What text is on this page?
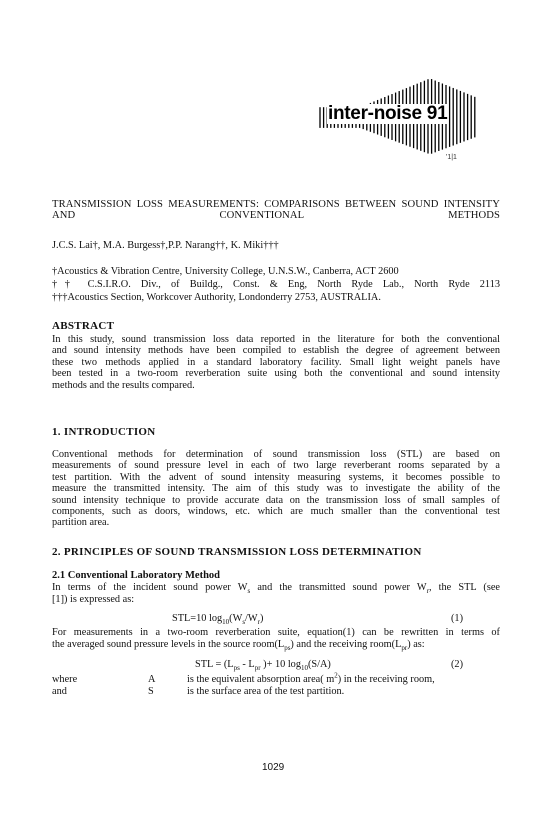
inter-noise 91
'1|1
TRANSMISSION LOSS MEASUREMENTS: COMPARISONS BETWEEN SOUND INTENSITY AND CONVENTIONAL METHODS
J.C.S. Lai†, M.A. Burgess†,P.P. Narang††, K. Miki†††
†Acoustics & Vibration Centre, University College, U.N.S.W., Canberra, ACT 2600
†† C.S.I.R.O. Div., of Buildg., Const. & Eng, North Ryde Lab., North Ryde 2113
†††Acoustics Section, Workcover Authority, Londonderry 2753, AUSTRALIA.
ABSTRACT
In this study, sound transmission loss data reported in the literature for both the conventional
and sound intensity methods have been compiled to establish the degree of agreement between
these two methods applied in a standard laboratory facility. Small light weight panels have
been tested in a two-room reverberation suite using both the conventional and sound intensity
methods and the results compared.
1. INTRODUCTION
Conventional methods for determination of sound transmission loss (STL) are based on
measurements of sound pressure level in each of two large reverberant rooms separated by a
test partition. With the advent of sound intensity measuring systems, it becomes possible to
measure the transmitted intensity. The aim of this study was to investigate the ability of the
sound intensity technique to provide accurate data on the transmission loss of small samples of
components, such as doors, windows, etc. which are much smaller than the conventional test
partition area.
2. PRINCIPLES OF SOUND TRANSMISSION LOSS DETERMINATION
2.1 Conventional Laboratory Method
In terms of the incident sound power $W_s$ and the transmitted sound power $W_r$, the STL (see
[1]) is expressed as:
STL=10 $\log_{10}(W_s/W_r)$	(1)
For measurements in a two-room reverberation suite, equation(1) can be rewritten in terms of
the averaged sound pressure levels in the source $room(L_{ps})$ and the receiving $room(L_{pr})$ as:
STL = ($L_{ps} - L_{pr}$ )+ 10 $\log_{10}(S/A)$	(2)
where	A	is the equivalent absorption area( $m^2$) in the receiving room,
and	S	is the surface area of the test partition.
1029
